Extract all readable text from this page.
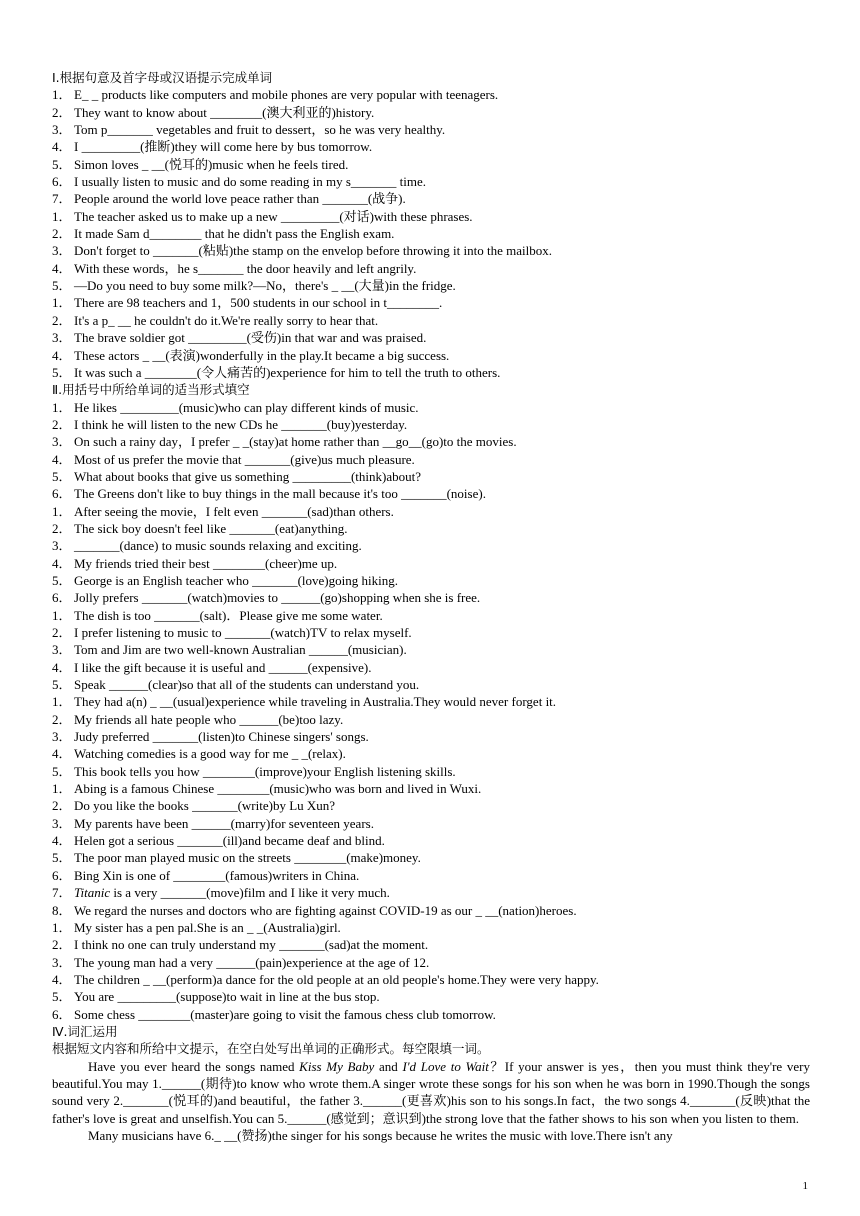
Ⅰ.根据句意及首字母或汉语提示完成单词
1． E_ _ products like computers and mobile phones are very popular with teenagers.
2． They want to know about ________(澳大利亚的)history.
3． Tom p_______ vegetables and fruit to dessert，so he was very healthy.
4． I _________(推断)they will come here by bus tomorrow.
5． Simon loves _ __(悦耳的)music when he feels tired.
6． I usually listen to music and do some reading in my s_______ time.
7． People around the world love peace rather than _______(战争).
1． The teacher asked us to make up a new _________(对话)with these phrases.
2． It made Sam d________ that he didn't pass the English exam.
3． Don't forget to _______(粘贴)the stamp on the envelop before throwing it into the mailbox.
4． With these words，he s_______ the door heavily and left angrily.
5． —Do you need to buy some milk?—No，there's _ __(大量)in the fridge.
1． There are 98 teachers and 1，500 students in our school in t________.
2． It's a p_ __ he couldn't do it.We're really sorry to hear that.
3． The brave soldier got _________(受伤)in that war and was praised.
4． These actors _ __(表演)wonderfully in the play.It became a big success.
5． It was such a ________(令人痛苦的)experience for him to tell the truth to others.
Ⅱ.用括号中所给单词的适当形式填空
1． He likes _________(music)who can play different kinds of music.
2． I think he will listen to the new CDs he _______(buy)yesterday.
3． On such a rainy day，I prefer _ _(stay)at home rather than __go__(go)to the movies.
4． Most of us prefer the movie that _______(give)us much pleasure.
5． What about books that give us something _________(think)about?
6． The Greens don't like to buy things in the mall because it's too _______(noise).
1． After seeing the movie，I felt even _______(sad)than others.
2． The sick boy doesn't feel like _______(eat)anything.
3． _______(dance) to music sounds relaxing and exciting.
4． My friends tried their best ________(cheer)me up.
5． George is an English teacher who _______(love)going hiking.
6． Jolly prefers _______(watch)movies to ______(go)shopping when she is free.
1． The dish is too _______(salt)．Please give me some water.
2． I prefer listening to music to _______(watch)TV to relax myself.
3． Tom and Jim are two well-known Australian ______(musician).
4． I like the gift because it is useful and ______(expensive).
5． Speak ______(clear)so that all of the students can understand you.
1． They had a(n) _ __(usual)experience while traveling in Australia.They would never forget it.
2． My friends all hate people who ______(be)too lazy.
3． Judy preferred _______(listen)to Chinese singers' songs.
4． Watching comedies is a good way for me _ _(relax).
5． This book tells you how ________(improve)your English listening skills.
1． Abing is a famous Chinese ________(music)who was born and lived in Wuxi.
2． Do you like the books _______(write)by Lu Xun?
3． My parents have been ______(marry)for seventeen years.
4． Helen got a serious _______(ill)and became deaf and blind.
5． The poor man played music on the streets ________(make)money.
6． Bing Xin is one of ________(famous)writers in China.
7． Titanic is a very _______(move)film and I like it very much.
8． We regard the nurses and doctors who are fighting against COVID-19 as our _ __(nation)heroes.
1． My sister has a pen pal.She is an _ _(Australia)girl.
2． I think no one can truly understand my _______(sad)at the moment.
3． The young man had a very ______(pain)experience at the age of 12.
4． The children _ __(perform)a dance for the old people at an old people's home.They were very happy.
5． You are _________(suppose)to wait in line at the bus stop.
6． Some chess ________(master)are going to visit the famous chess club tomorrow.
Ⅳ.词汇运用
根据短文内容和所给中文提示，在空白处写出单词的正确形式。每空限填一词。
Have you ever heard the songs named Kiss My Baby and I'd Love to Wait？If your answer is yes，then you must think they're very beautiful.You may 1.______(期待)to know who wrote them.A singer wrote these songs for his son when he was born in 1990.Though the songs sound very 2._______(悦耳的)and beautiful，the father 3.______(更喜欢)his son to his songs.In fact，the two songs 4._______(反映)that the father's love is great and unselfish.You can 5.______(感觉到；意识到)the strong love that the father shows to his son when you listen to them.
Many musicians have 6._ __(赞扬)the singer for his songs because he writes the music with love.There isn't any
1
